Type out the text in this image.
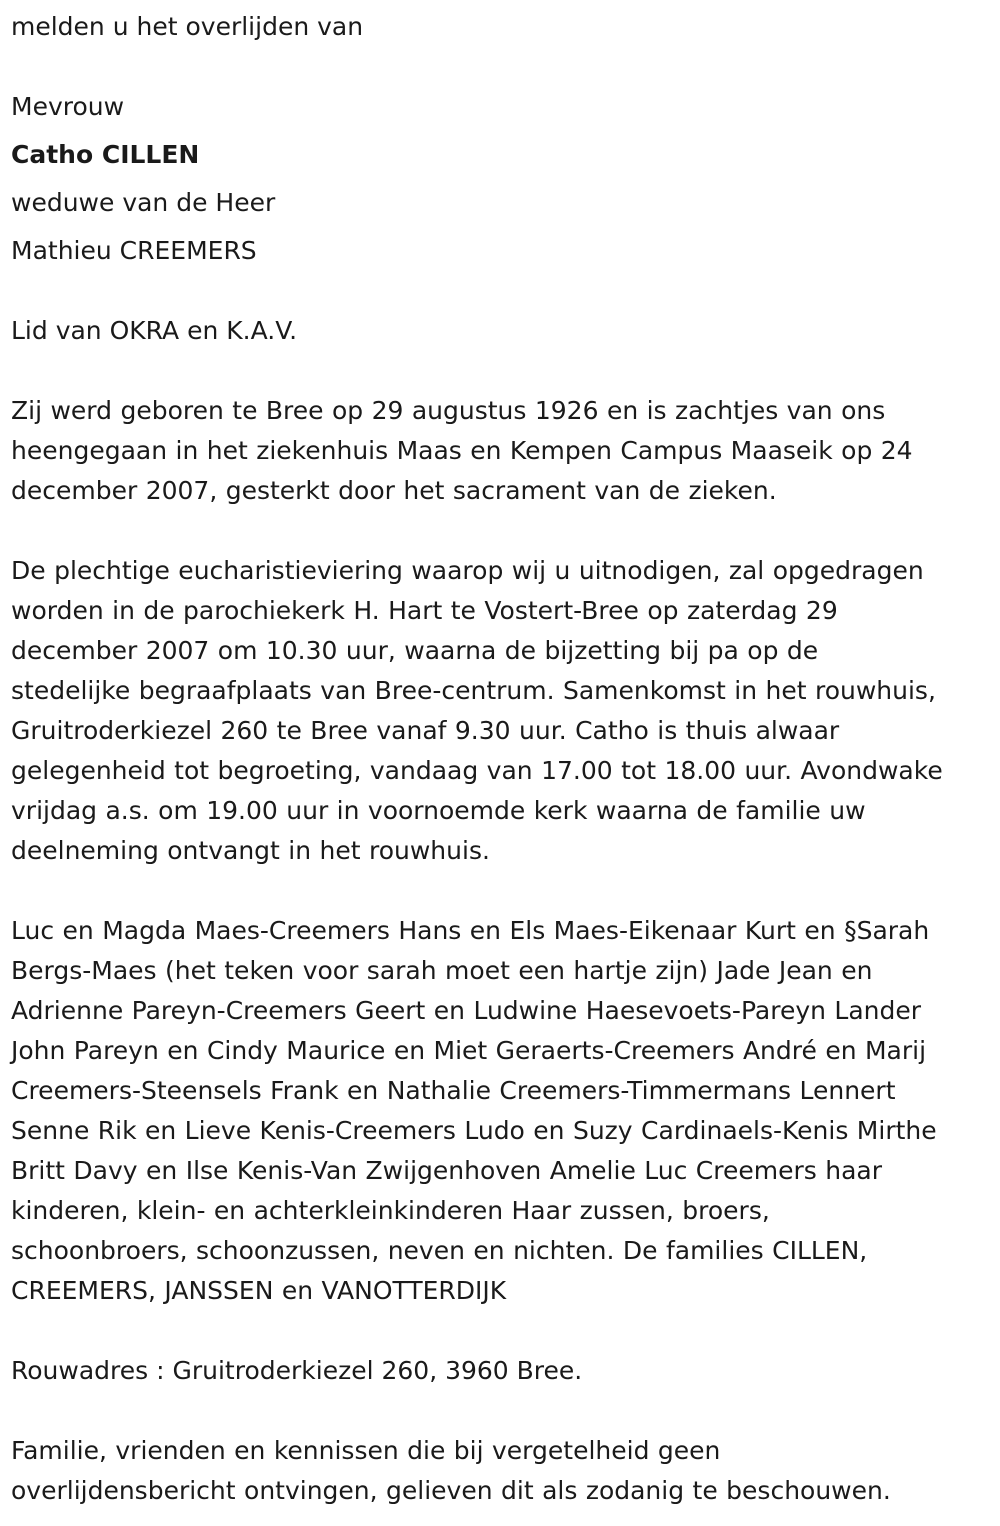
melden u het overlijden van
Mevrouw
Catho CILLEN
weduwe van de Heer
Mathieu CREEMERS
Lid van OKRA en K.A.V.
Zij werd geboren te Bree op 29 augustus 1926 en is zachtjes van ons
heengegaan in het ziekenhuis Maas en Kempen Campus Maaseik op 24
december 2007, gesterkt door het sacrament van de zieken.
De plechtige eucharistieviering waarop wij u uitnodigen, zal opgedragen
worden in de parochiekerk H. Hart te Vostert-Bree op zaterdag 29
december 2007 om 10.30 uur, waarna de bijzetting bij pa op de
stedelijke begraafplaats van Bree-centrum. Samenkomst in het rouwhuis,
Gruitroderkiezel 260 te Bree vanaf 9.30 uur. Catho is thuis alwaar
gelegenheid tot begroeting, vandaag van 17.00 tot 18.00 uur. Avondwake
vrijdag a.s. om 19.00 uur in voornoemde kerk waarna de familie uw
deelneming ontvangt in het rouwhuis.
Luc en Magda Maes-Creemers Hans en Els Maes-Eikenaar Kurt en §Sarah
Bergs-Maes (het teken voor sarah moet een hartje zijn) Jade Jean en
Adrienne Pareyn-Creemers Geert en Ludwine Haesevoets-Pareyn Lander
John Pareyn en Cindy Maurice en Miet Geraerts-Creemers André en Marij
Creemers-Steensels Frank en Nathalie Creemers-Timmermans Lennert
Senne Rik en Lieve Kenis-Creemers Ludo en Suzy Cardinaels-Kenis Mirthe
Britt Davy en Ilse Kenis-Van Zwijgenhoven Amelie Luc Creemers haar
kinderen, klein- en achterkleinkinderen Haar zussen, broers,
schoonbroers, schoonzussen, neven en nichten. De families CILLEN,
CREEMERS, JANSSEN en VANOTTERDIJK
Rouwadres : Gruitroderkiezel 260, 3960 Bree.
Familie, vrienden en kennissen die bij vergetelheid geen
overlijdensbericht ontvingen, gelieven dit als zodanig te beschouwen.
